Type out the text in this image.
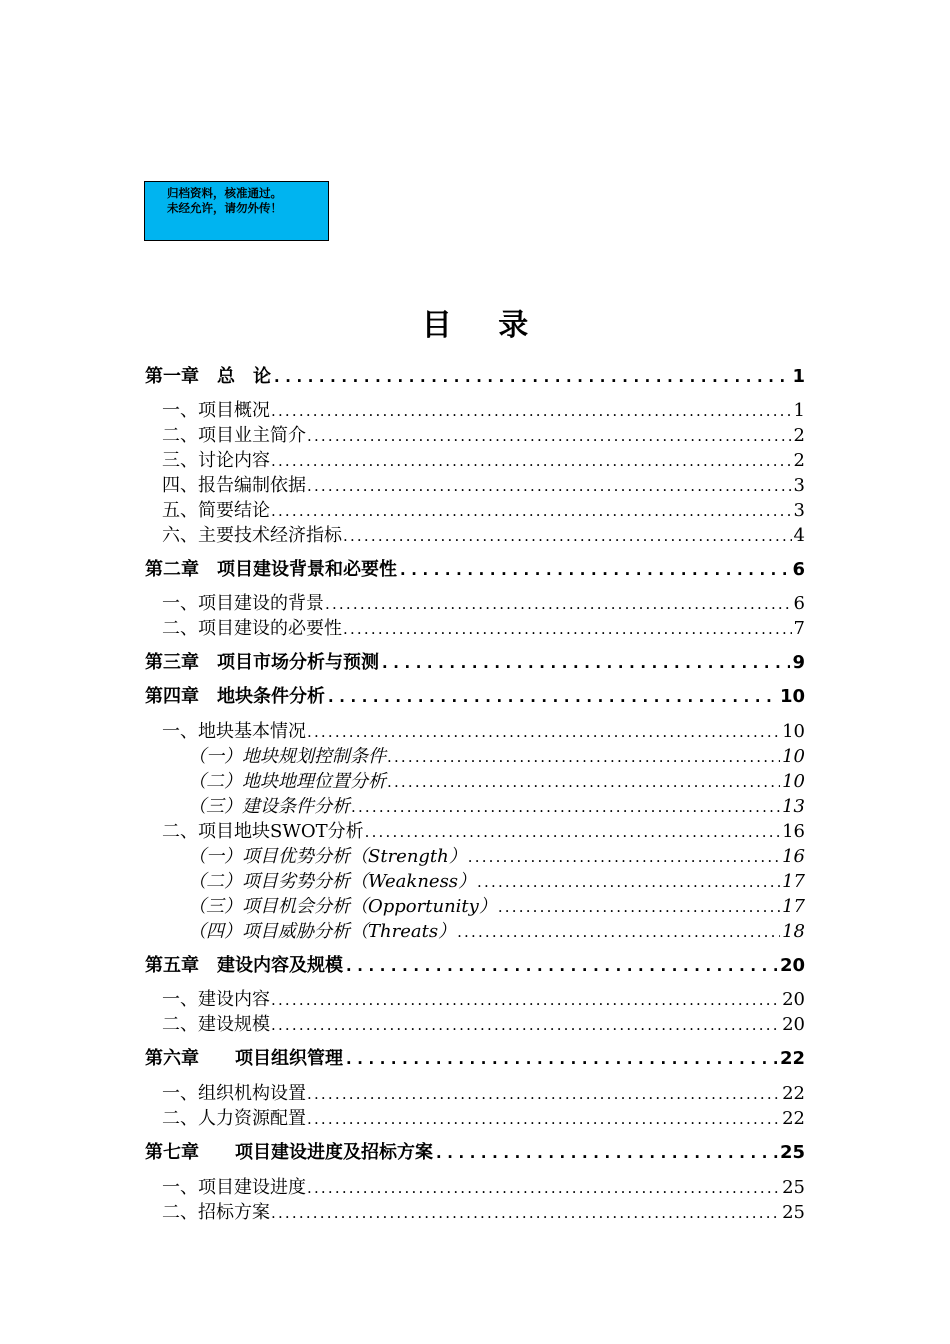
归档资料，核准通过。
未经允许，请勿外传！
目 录
第一章　总　论 .....	1
一、项目概况 .....	1
二、项目业主简介 .....	2
三、讨论内容 .....	2
四、报告编制依据 .....	3
五、简要结论 .....	3
六、主要技术经济指标 .....	4
第二章　项目建设背景和必要性 .....	6
一、项目建设的背景 .....	6
二、项目建设的必要性 .....	7
第三章　项目市场分析与预测 .....	9
第四章　地块条件分析 .....	10
一、地块基本情况 .....	10
（一）地块规划控制条件 .....	10
（二）地块地理位置分析 .....	10
（三）建设条件分析 .....	13
二、项目地块SWOT分析 .....	16
（一）项目优势分析（Strength） .....	16
（二）项目劣势分析（Weakness） .....	17
（三）项目机会分析（Opportunity） .....	17
（四）项目威胁分析（Threats） .....	18
第五章　建设内容及规模 .....	20
一、建设内容 .....	20
二、建设规模 .....	20
第六章　　项目组织管理 .....	22
一、组织机构设置 .....	22
二、人力资源配置 .....	22
第七章　　项目建设进度及招标方案 .....	25
一、项目建设进度 .....	25
二、招标方案 .....	25
